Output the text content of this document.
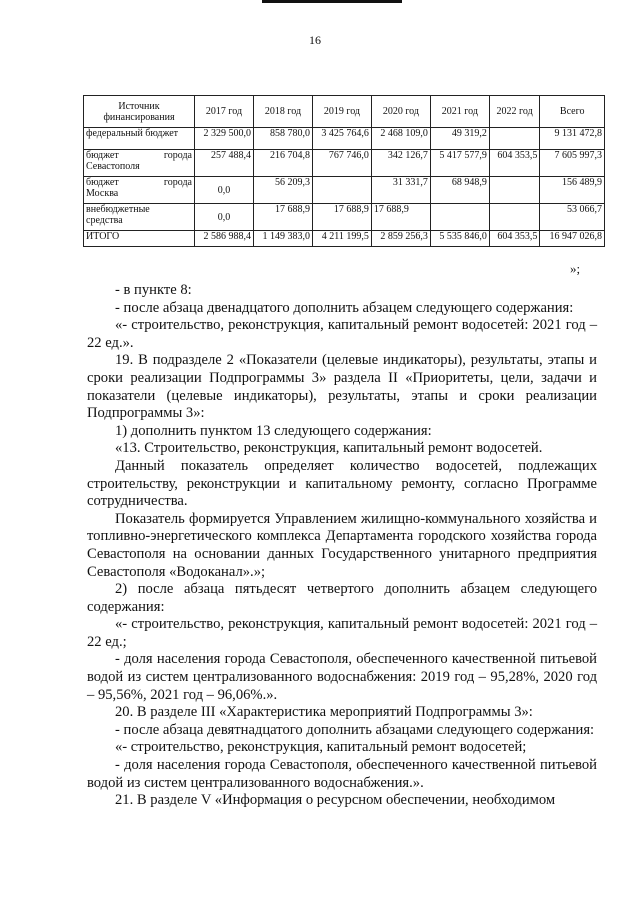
16
Источник финансирования	2017 год	2018 год	2019 год	2020 год	2021 год	2022 год	Всего
федеральный бюджет	2 329 500,0	858 780,0	3 425 764,6	2 468 109,0	49 319,2		9 131 472,8

бюджет города
Севастополя	257 488,4	216 704,8	767 746,0	342 126,7	5 417 577,9	604 353,5	7 605 997,3

бюджет города
Москва	0,0	56 209,3		31 331,7	68 948,9		156 489,9

внебюджетные
средства	0,0	17 688,9	17 688,9	17 688,9			53 066,7
ИТОГО	2 586 988,4	1 149 383,0	4 211 199,5	2 859 256,3	5 535 846,0	604 353,5	16 947 026,8
»;

- в пункте 8:

- после абзаца двенадцатого дополнить абзацем следующего содержания:

«- строительство, реконструкция, капитальный ремонт водосетей: 2021 год – 22 ед.».

19. В подразделе 2 «Показатели (целевые индикаторы), результаты, этапы и сроки реализации Подпрограммы 3» раздела II «Приоритеты, цели, задачи и показатели (целевые индикаторы), результаты, этапы и сроки реализации Подпрограммы 3»:

1) дополнить пунктом 13 следующего содержания:

«13. Строительство, реконструкция, капитальный ремонт водосетей.

Данный показатель определяет количество водосетей, подлежащих строительству, реконструкции и капитальному ремонту, согласно Программе сотрудничества.

Показатель формируется Управлением жилищно-коммунального хозяйства и топливно-энергетического комплекса Департамента городского хозяйства города Севастополя на основании данных Государственного унитарного предприятия Севастополя «Водоканал».»;

2) после абзаца пятьдесят четвертого дополнить абзацем следующего содержания:

«- строительство, реконструкция, капитальный ремонт водосетей: 2021 год – 22 ед.;

- доля населения города Севастополя, обеспеченного качественной питьевой водой из систем централизованного водоснабжения: 2019 год – 95,28%, 2020 год – 95,56%, 2021 год – 96,06%.».

20. В разделе III «Характеристика мероприятий Подпрограммы 3»:

- после абзаца девятнадцатого дополнить абзацами следующего содержания:

«- строительство, реконструкция, капитальный ремонт водосетей;

- доля населения города Севастополя, обеспеченного качественной питьевой водой из систем централизованного водоснабжения.».

21. В разделе V «Информация о ресурсном обеспечении, необходимом
